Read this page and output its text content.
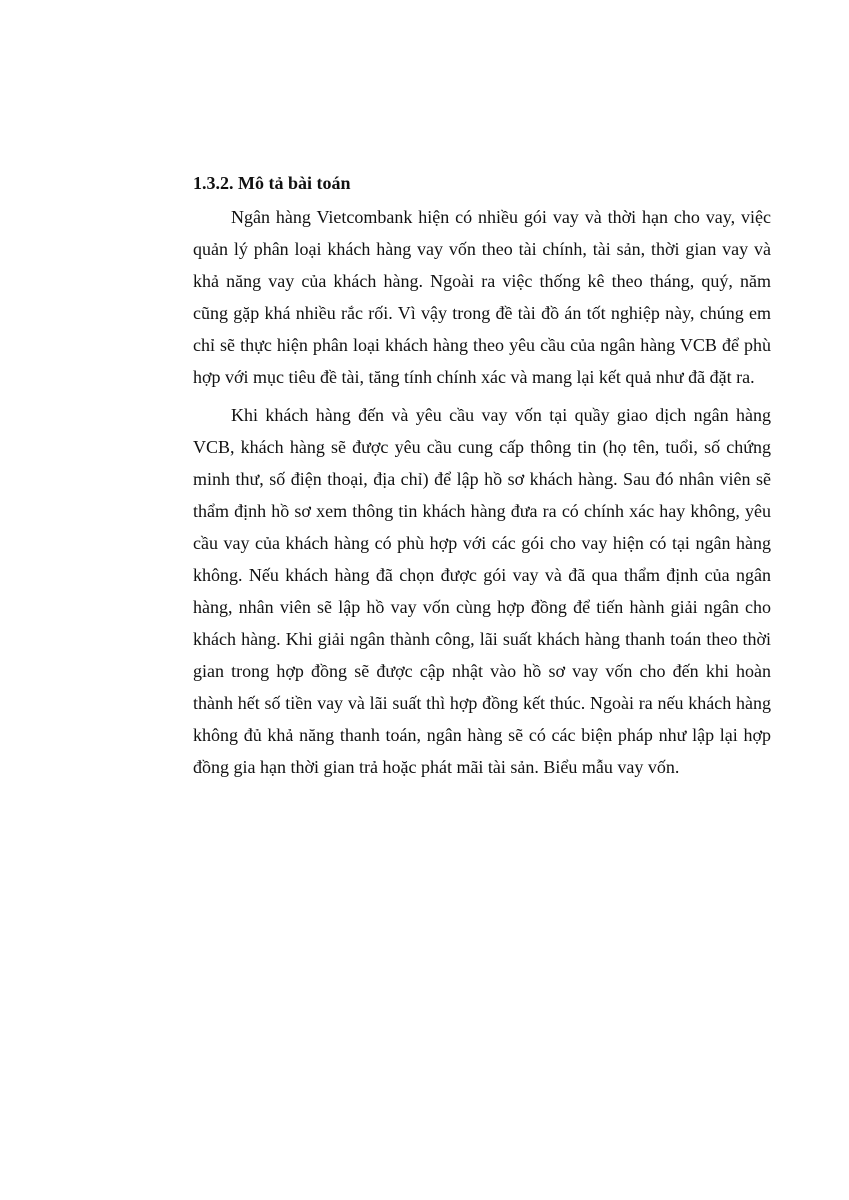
1.3.2. Mô tả bài toán

Ngân hàng Vietcombank hiện có nhiều gói vay và thời hạn cho vay, việc quản lý phân loại khách hàng vay vốn theo tài chính, tài sản, thời gian vay và khả năng vay của khách hàng. Ngoài ra việc thống kê theo tháng, quý, năm cũng gặp khá nhiều rắc rối. Vì vậy trong đề tài đồ án tốt nghiệp này, chúng em chỉ sẽ thực hiện phân loại khách hàng theo yêu cầu của ngân hàng VCB để phù hợp với mục tiêu đề tài, tăng tính chính xác và mang lại kết quả như đã đặt ra.

Khi khách hàng đến và yêu cầu vay vốn tại quầy giao dịch ngân hàng VCB, khách hàng sẽ được yêu cầu cung cấp thông tin (họ tên, tuổi, số chứng minh thư, số điện thoại, địa chỉ) để lập hồ sơ khách hàng. Sau đó nhân viên sẽ thẩm định hồ sơ xem thông tin khách hàng đưa ra có chính xác hay không, yêu cầu vay của khách hàng có phù hợp với các gói cho vay hiện có tại ngân hàng không. Nếu khách hàng đã chọn được gói vay và đã qua thẩm định của ngân hàng, nhân viên sẽ lập hồ vay vốn cùng hợp đồng để tiến hành giải ngân cho khách hàng. Khi giải ngân thành công, lãi suất khách hàng thanh toán theo thời gian trong hợp đồng sẽ được cập nhật vào hồ sơ vay vốn cho đến khi hoàn thành hết số tiền vay và lãi suất thì hợp đồng kết thúc. Ngoài ra nếu khách hàng không đủ khả năng thanh toán, ngân hàng sẽ có các biện pháp như lập lại hợp đồng gia hạn thời gian trả hoặc phát mãi tài sản. Biểu mẫu vay vốn.
